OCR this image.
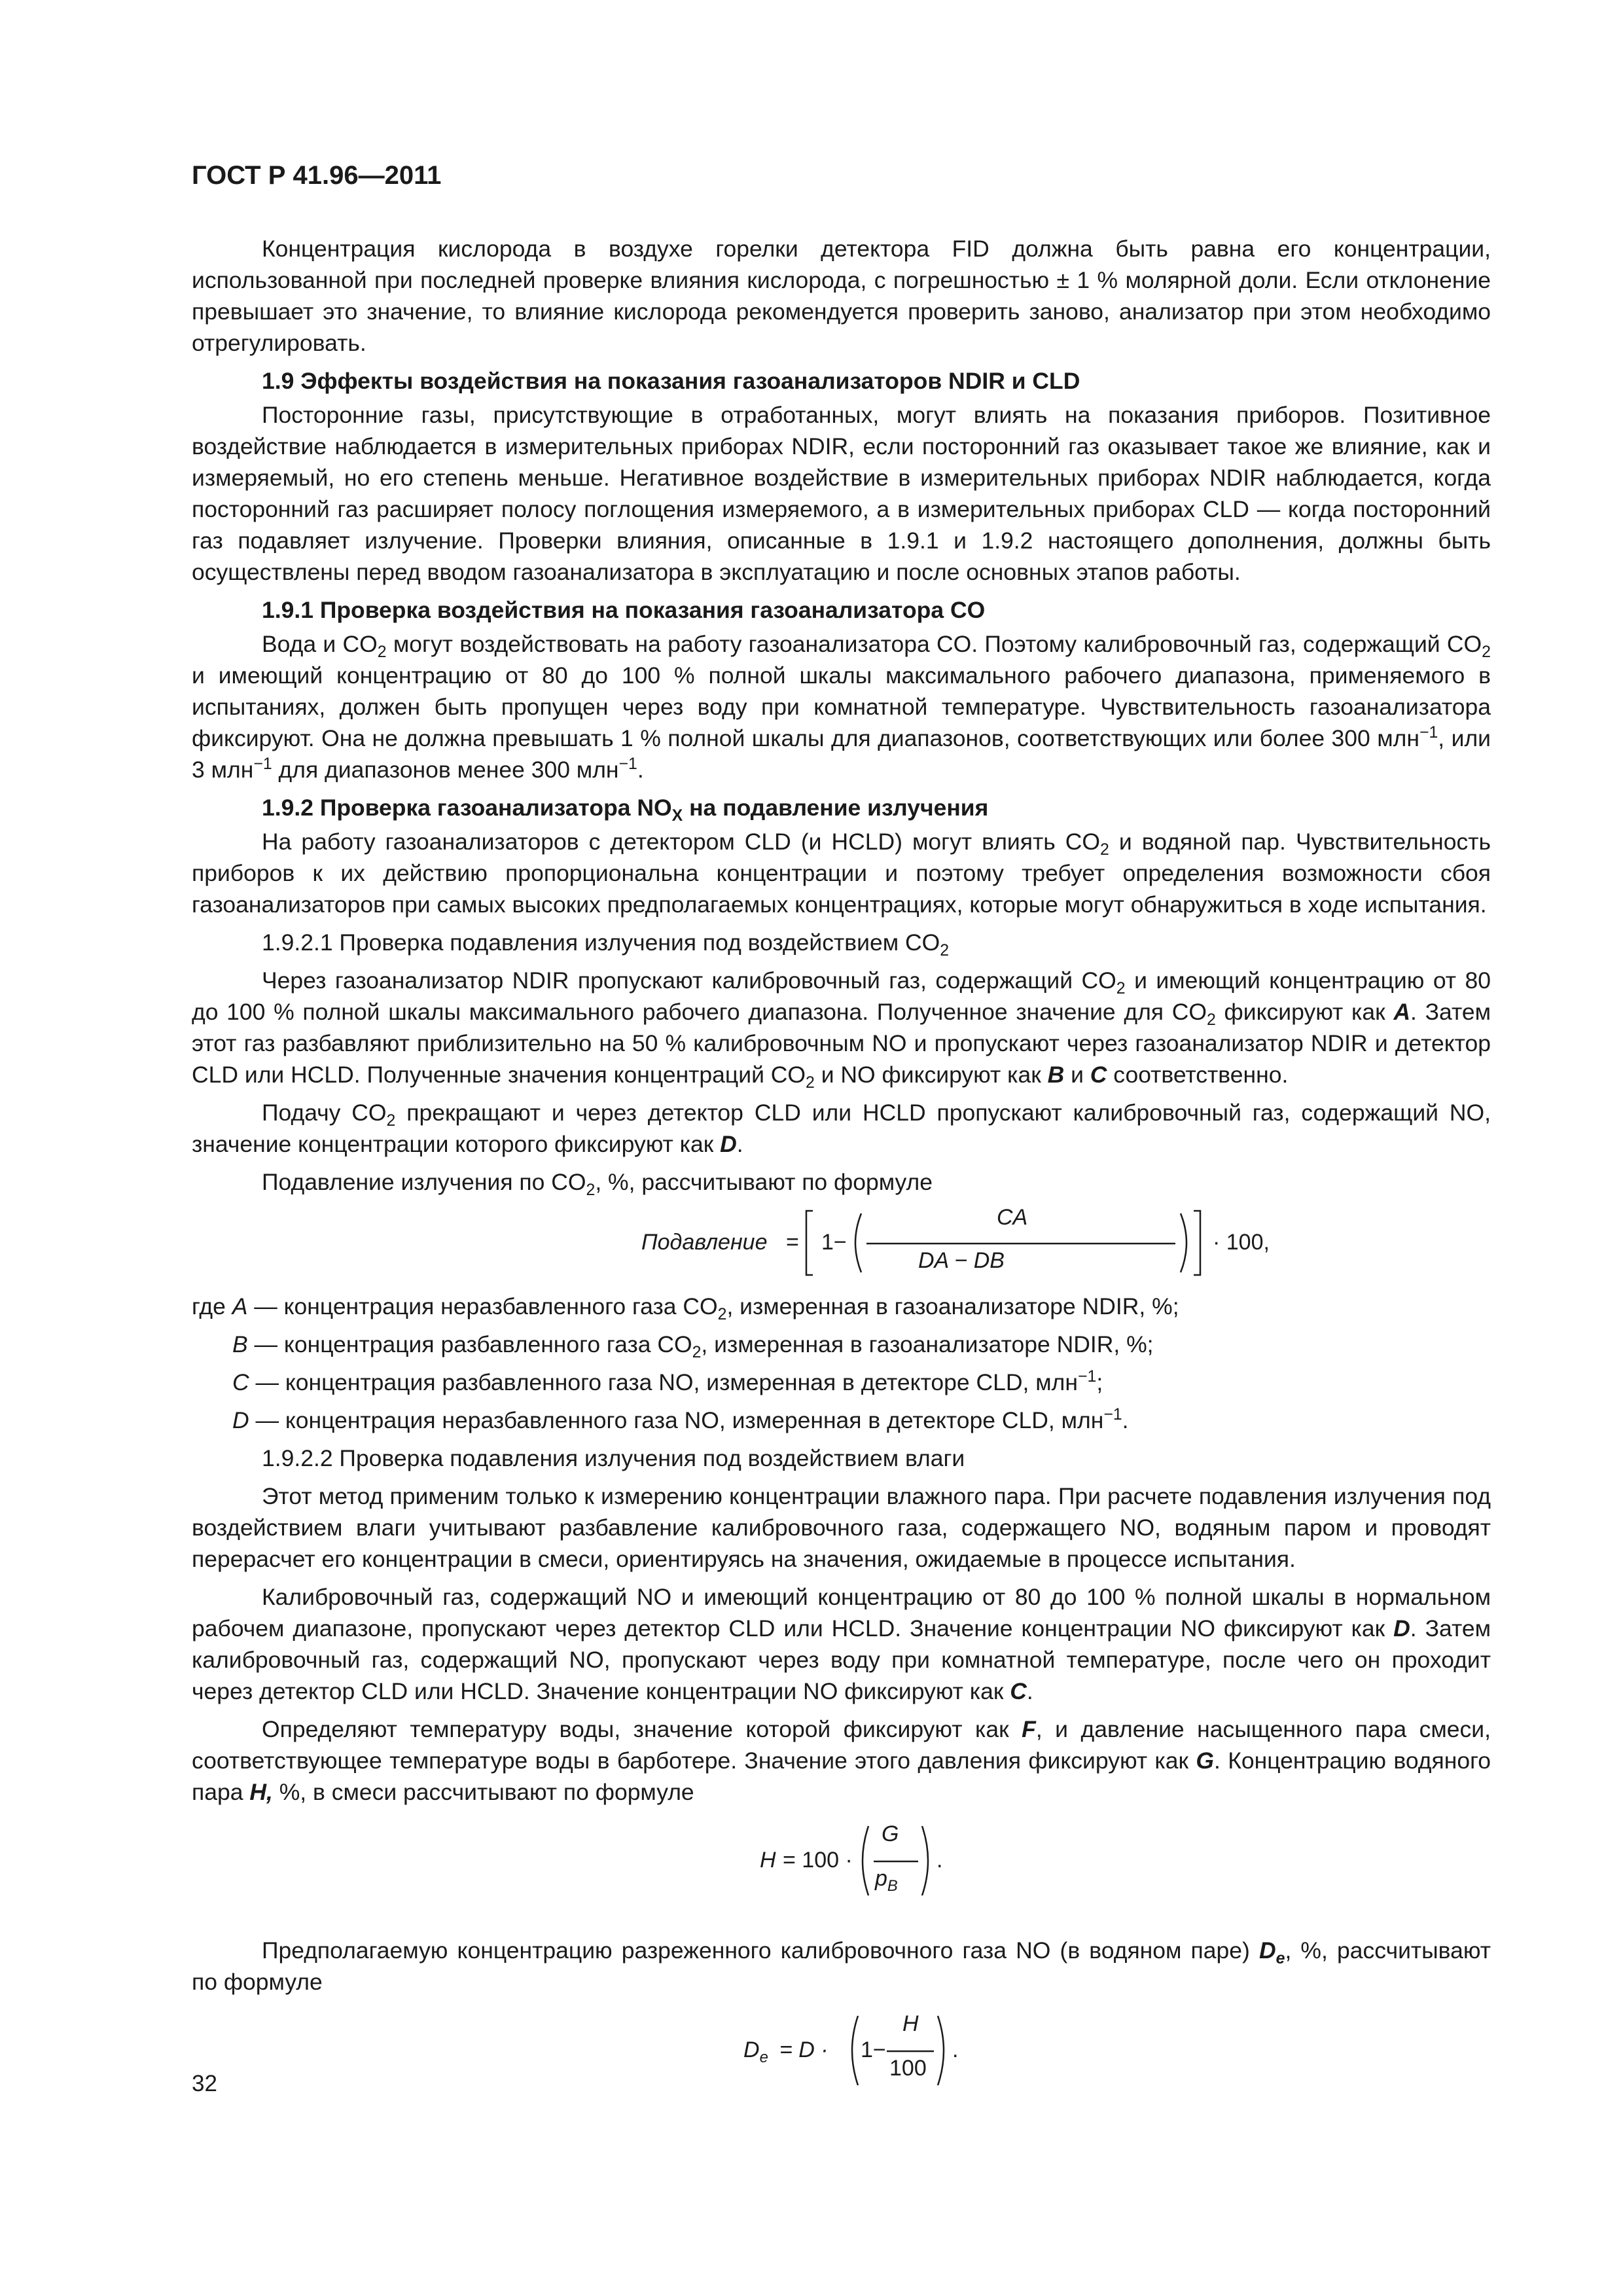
ГОСТ Р 41.96—2011

Концентрация кислорода в воздухе горелки детектора FID должна быть равна его концентрации, использованной при последней проверке влияния кислорода, с погрешностью ± 1 % молярной доли. Если отклонение превышает это значение, то влияние кислорода рекомендуется проверить заново, анализатор при этом необходимо отрегулировать.

1.9 Эффекты воздействия на показания газоанализаторов NDIR и CLD

Посторонние газы, присутствующие в отработанных, могут влиять на показания приборов. Позитивное воздействие наблюдается в измерительных приборах NDIR, если посторонний газ оказывает такое же влияние, как и измеряемый, но его степень меньше. Негативное воздействие в измерительных приборах NDIR наблюдается, когда посторонний газ расширяет полосу поглощения измеряемого, а в измерительных приборах CLD — когда посторонний газ подавляет излучение. Проверки влияния, описанные в 1.9.1 и 1.9.2 настоящего дополнения, должны быть осуществлены перед вводом газоанализатора в эксплуатацию и после основных этапов работы.

1.9.1 Проверка воздействия на показания газоанализатора CO

Вода и $CO_2$ могут воздействовать на работу газоанализатора CO. Поэтому калибровочный газ, содержащий $CO_2$ и имеющий концентрацию от 80 до 100 % полной шкалы максимального рабочего диапазона, применяемого в испытаниях, должен быть пропущен через воду при комнатной температуре. Чувствительность газоанализатора фиксируют. Она не должна превышать 1 % полной шкалы для диапазонов, соответствующих или более 300 млн$^{-1}$, или 3 млн$^{-1}$ для диапазонов менее 300 млн$^{-1}$.

1.9.2 Проверка газоанализатора $NO_X$ на подавление излучения

На работу газоанализаторов с детектором CLD (и HCLD) могут влиять $CO_2$ и водяной пар. Чувствительность приборов к их действию пропорциональна концентрации и поэтому требует определения возможности сбоя газоанализаторов при самых высоких предполагаемых концентрациях, которые могут обнаружиться в ходе испытания.

1.9.2.1 Проверка подавления излучения под воздействием $CO_2$

Через газоанализатор NDIR пропускают калибровочный газ, содержащий $CO_2$ и имеющий концентрацию от 80 до 100 % полной шкалы максимального рабочего диапазона. Полученное значение для $CO_2$ фиксируют как A. Затем этот газ разбавляют приблизительно на 50 % калибровочным NO и пропускают через газоанализатор NDIR и детектор CLD или HCLD. Полученные значения концентраций $CO_2$ и NO фиксируют как B и C соответственно.

Подачу $CO_2$ прекращают и через детектор CLD или HCLD пропускают калибровочный газ, содержащий NO, значение концентрации которого фиксируют как D.

Подавление излучения по $CO_2$, %, рассчитывают по формуле

Подавление = 1−
CA
DA − DB
· 100,

где A — концентрация неразбавленного газа $CO_2$, измеренная в газоанализаторе NDIR, %;

B — концентрация разбавленного газа $CO_2$, измеренная в газоанализаторе NDIR, %;

C — концентрация разбавленного газа NO, измеренная в детекторе CLD, млн$^{-1}$;

D — концентрация неразбавленного газа NO, измеренная в детекторе CLD, млн$^{-1}$.

1.9.2.2 Проверка подавления излучения под воздействием влаги

Этот метод применим только к измерению концентрации влажного пара. При расчете подавления излучения под воздействием влаги учитывают разбавление калибровочного газа, содержащего NO, водяным паром и проводят перерасчет его концентрации в смеси, ориентируясь на значения, ожидаемые в процессе испытания.

Калибровочный газ, содержащий NO и имеющий концентрацию от 80 до 100 % полной шкалы в нормальном рабочем диапазоне, пропускают через детектор CLD или HCLD. Значение концентрации NO фиксируют как D. Затем калибровочный газ, содержащий NO, пропускают через воду при комнатной температуре, после чего он проходит через детектор CLD или HCLD. Значение концентрации NO фиксируют как C.

Определяют температуру воды, значение которой фиксируют как F, и давление насыщенного пара смеси, соответствующее температуре воды в барботере. Значение этого давления фиксируют как G. Концентрацию водяного пара H, %, в смеси рассчитывают по формуле

H = 100 ·
G
$p_B$
.

Предполагаемую концентрацию разреженного калибровочного газа NO (в водяном паре) $D_e$, %, рассчитывают по формуле

$D_e = D \cdot 1-$
H
100
.
32
